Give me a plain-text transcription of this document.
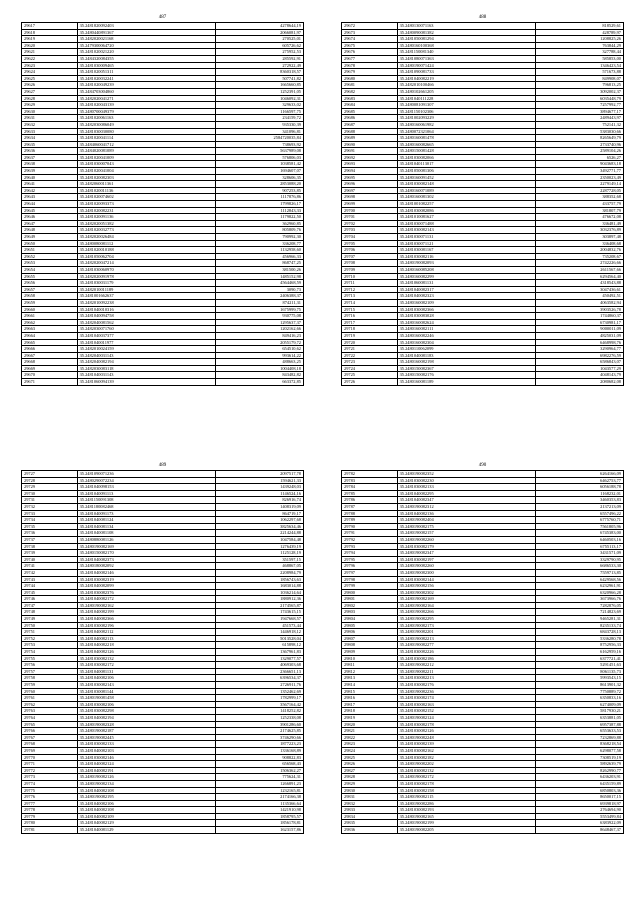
487
29617	35.2481820092403	4278644,19
29618	35.2480440891367	2066081,97
29619	35.2482020021168	270525,01
29620	35.2479300064720	605726,62
29621	35.2481020021220	275952,53
29622	35.2484320084355	285592,91
29623	35.2481030009465	272922,49
29624	35.2481020051311	8360318,57
29625	35.2481020032241	507741,82
29626	35.2481020049239	1665660,85
29627	35.2484703004860	1252391,05
29628	35.2482020041271	1046092,31
29629	35.2481020043139	329633,02
29630	35.2480700049379	1166597,75
29631	35.2481020061163	234159,72
29632	35.2482030086049	935330,39
29633	35.2481030030080	341096,81
29634	35.2481020041114	2584720035,84
29635	35.2484060041712	738693,92
29636	35.2484020081089	5637989,08
29637	35.2481020041009	576806,03
29638	35.2481030007043	1038581,42
29639	35.2481020041004	1694607,07
29640	35.2481020082303	328606,35
29641	35.2482060011361	2853088,20
29642	35.2481020011136	907253,85
29643	35.2481020074602	1117876,86
29644	35.2481020093373	1799826,17
29645	35.2481020082231	1112843,33
29646	35.2481020091136	1179822,50
29647	35.2482020051382	362960,85
29648	35.2481020032773	805809,76
29649	35.2482020026484	790992,30
29650	35.2480080081112	336208,77
29651	35.2481020010188	1132958,60
29652	35.2481050062704	456966,33
29653	35.2482020047214	868747,25
29654	35.2481030060970	381500,26
29655	35.2482020091978	1485152,98
29656	35.2481030031179	4564468,59
29657	35.2482010011189	3090,73
29658	35.2481001662637	2406388,37
29659	35.2482010092238	874211,31
29660	35.2481040010316	1675999,75
29661	35.2481040094758	930775,08
29662	35.2482040081562	1295637,37
29663	35.2482030071760	1202162,66
29664	35.2481040037377	849416,23
29665	35.2481040011977	2055179,72
29666	35.2482010024159	654510,62
29667	35.2482040031143	993614,22
29668	35.2482040082194	488663,25
29669	35.2482030083118	1004408,18
29670	35.2481040031143	843482,82
29671	35.2481060094139	663372,85
488
29672	35.2480130071163	818529,61
29673	35.2480090081382	428789,97
29674	35.2481050081294	1208825,26
29675	35.2480160100368	763844,29
29676	35.2481150081340	327788,44
29677	35.2481080071363	585853,00
29678	35.2480190071424	1346423,54
29679	35.2481090081733	571673,88
29680	35.2481040082219	849908,07
29681	35.2482010100466	796813,25
29682	35.2480102661205	3092002,37
29683	35.2481040111228	6035448,79
29684	35.2480081091307	7257992,77
29685	35.2481150102306	3894677,17
29686	35.2481002093229	2489443,97
29687	35.2480160061982	752141,32
29688	35.2480072321064	5383030,66
29689	35.2480160081478	8265649,79
29690	35.2480160082665	2733740,96
29691	35.2480150081428	2589104,26
29692	35.2481030082066	6526,27
29693	35.2481040113017	9043683,18
29694	35.2481050081306	3492771,77
29695	35.2480160091452	2350023,49
29696	35.2481030082148	2279149,14
29697	35.2480160071089	2287728,05
29698	35.2480160081302	388352,68
29699	35.2481001082257	433757,79
29700	35.2481030082086	381807,79
29701	35.2481010081627	476672,08
29702	35.2481030071488	336481,49
29703	35.2481030082143	3032376,89
29704	35.2481030071131	303897,48
29705	35.2481030071121	336408,68
29706	35.2481030081167	2004832,76
29707	35.2481030082116	735208,67
29708	35.2480190082093	2742226,66
29709	35.2480160085208	2611567,66
29710	35.2480160082299	6294564,40
29711	35.2481060081131	4318543,88
29712	35.2481040082317	3047436,61
29713	35.2481040082323	450492,51
29714	35.2480160082109	4063582,94
29715	35.2481030082366	3903526,78
29716	35.2481030083028	1744860,37
29717	35.2480160082624	6730981,17
29718	35.2480160082111	9000011,09
29719	35.2480160082246	4825031,09
29720	35.2480160082304	6468998,76
29721	35.2480110062099	3290964,77
29722	35.2481040081183	6982276,59
29723	35.2480160082198	6586843,07
29724	35.2480150082367	1043577,29
29725	35.2480150082176	4048143,79
29726	35.2480160081189	2080682,08
489
29727	35.2481090071236	2097517,78
29728	35.2480290072234	1594621,33
29729	35.2481040098153	1439248,03
29730	35.2481040091113	1146524,16
29731	35.2481150091308	826916,74
29732	35.2481180082468	1408319,09
29733	35.2481040091173	864719,17
29734	35.2481040081124	1062297,68
29735	35.2481040081134	3825634,46
29736	35.2481040081108	2214244,88
29737	35.2480880081126	1047584,48
29738	35.2480190082169	1276439,19
29739	35.2480150082170	1125128,19
29740	35.2481040082373	351597,15
29741	35.2480180082092	468867,05
29742	35.2481040082146	2208984,79
29743	35.2481030082319	1856743,63
29744	35.2481040082099	1683014,88
29745	35.2481030082376	1036214,64
29746	35.2481040082172	1880912,36
29747	35.2480190082162	2174565,87
29748	35.2481040082199	1743615,15
29749	35.2481040082366	1947668,57
29750	35.2481030082196	451573,44
29751	35.2481040082112	1446918,12
29752	35.2481040082113	5013528,04
29753	35.2481040082218	615898,12
29754	35.2481040082126	1367961,83
29755	35.2481030082132	1329077,57
29756	35.2481030082172	4069303,68
29757	35.2481040081131	2366651,13
29758	35.2481040082106	6396534,37
29759	35.2481030082143	2726911,76
29760	35.2481030081144	1352462,69
29761	35.2480190081458	1782999,17
29762	35.2481030082106	3567164,42
29763	35.2481030082298	1418252,82
29764	35.2481040082194	1252338,08
29765	35.2480190082328	3901286,60
29766	35.2480190082187	2174625,85
29767	35.2480190082445	3746290,66
29768	35.2481030082133	1877223,23
29769	35.2481040082103	1336168,89
29770	35.2481030082146	908822,83
29771	35.2481040082124	656568,43
29772	35.2481040082191	1506362,27
29773	35.2480190082126	775624,31
29774	35.2480190082134	1266891,23
29775	35.2481040082108	1232165,81
29776	35.2480190082195	2174166,38
29777	35.2481040082106	1135366,64
29778	35.2481040082108	1421910,98
29779	35.2481040082109	1858795,57
29780	35.2481040082129	1856178,81
29781	35.2481040081129	1623157,86
490
29782	35.2480190082352	6264166,09
29783	35.2481030082230	6462753,77
29784	35.2481030082133	6056188,78
29785	35.2481040082295	1168232,01
29786	35.2481040082347	3460353,83
29787	35.2480190082312	2137213,09
29788	35.2481040082136	6557496,22
29789	35.2480190082404	6775760,71
29790	35.2480190082175	7561805,96
29791	35.2480190082157	6745383,00
29792	35.2480190082260	6460503,16
29793	35.2481030082179	6755113,17
29794	35.2480190082347	3431571,09
29795	35.2481030082197	3329790,95
29796	35.2480190082260	6686533,30
29797	35.2480190082300	7559713,85
29798	35.2481030082144	6429568,56
29799	35.2480190082156	6232961,91
29800	35.2480190082302	6320966,28
29801	35.2480190082169	3673966,76
29802	35.2480190082164	7282876,05
29803	35.2480190082266	7214823,69
29804	35.2480190082295	9465281,31
29805	35.2480190082173	8235133,74
29806	35.2480190082201	6843728,13
29807	35.2480190082213	5336280,78
29808	35.2480190082277	8752956,33
29809	35.2481030082226	6162959,16
29810	35.2481030082186	6377721,41
29811	35.2480190082212	5291451,63
29812	35.2480190082211	8061135,73
29813	35.2481030082213	5993543,15
29814	35.2481030082176	8613901,32
29815	35.2480190082236	7750889,72
29816	35.2481030082174	6350833,16
29817	35.2481030082163	6274009,09
29818	35.2481030082152	5817930,21
29819	35.2480190082124	6353881,05
29820	35.2481030082178	6957387,88
29821	35.2481030082126	6553633,53
29822	35.2480190082248	7232869,88
29823	35.2481030082139	8368218,54
29824	35.2481030082162	6298077,58
29825	35.2481030082182	7308519,19
29826	35.2480190082202	5892639,79
29827	35.2481030082132	8262990,77
29828	35.2480190082172	6436203,91
29829	35.2481030082178	6435159,89
29830	35.2481030082158	6850803,36
29831	35.2480190082115	8650017,15
29832	35.2480190082286	6939818,97
29833	35.2481030082193	2764694,90
29834	35.2480190082165	5553499,84
29835	35.2480190082199	6383922,09
29836	35.2480190082205	8648467,37
